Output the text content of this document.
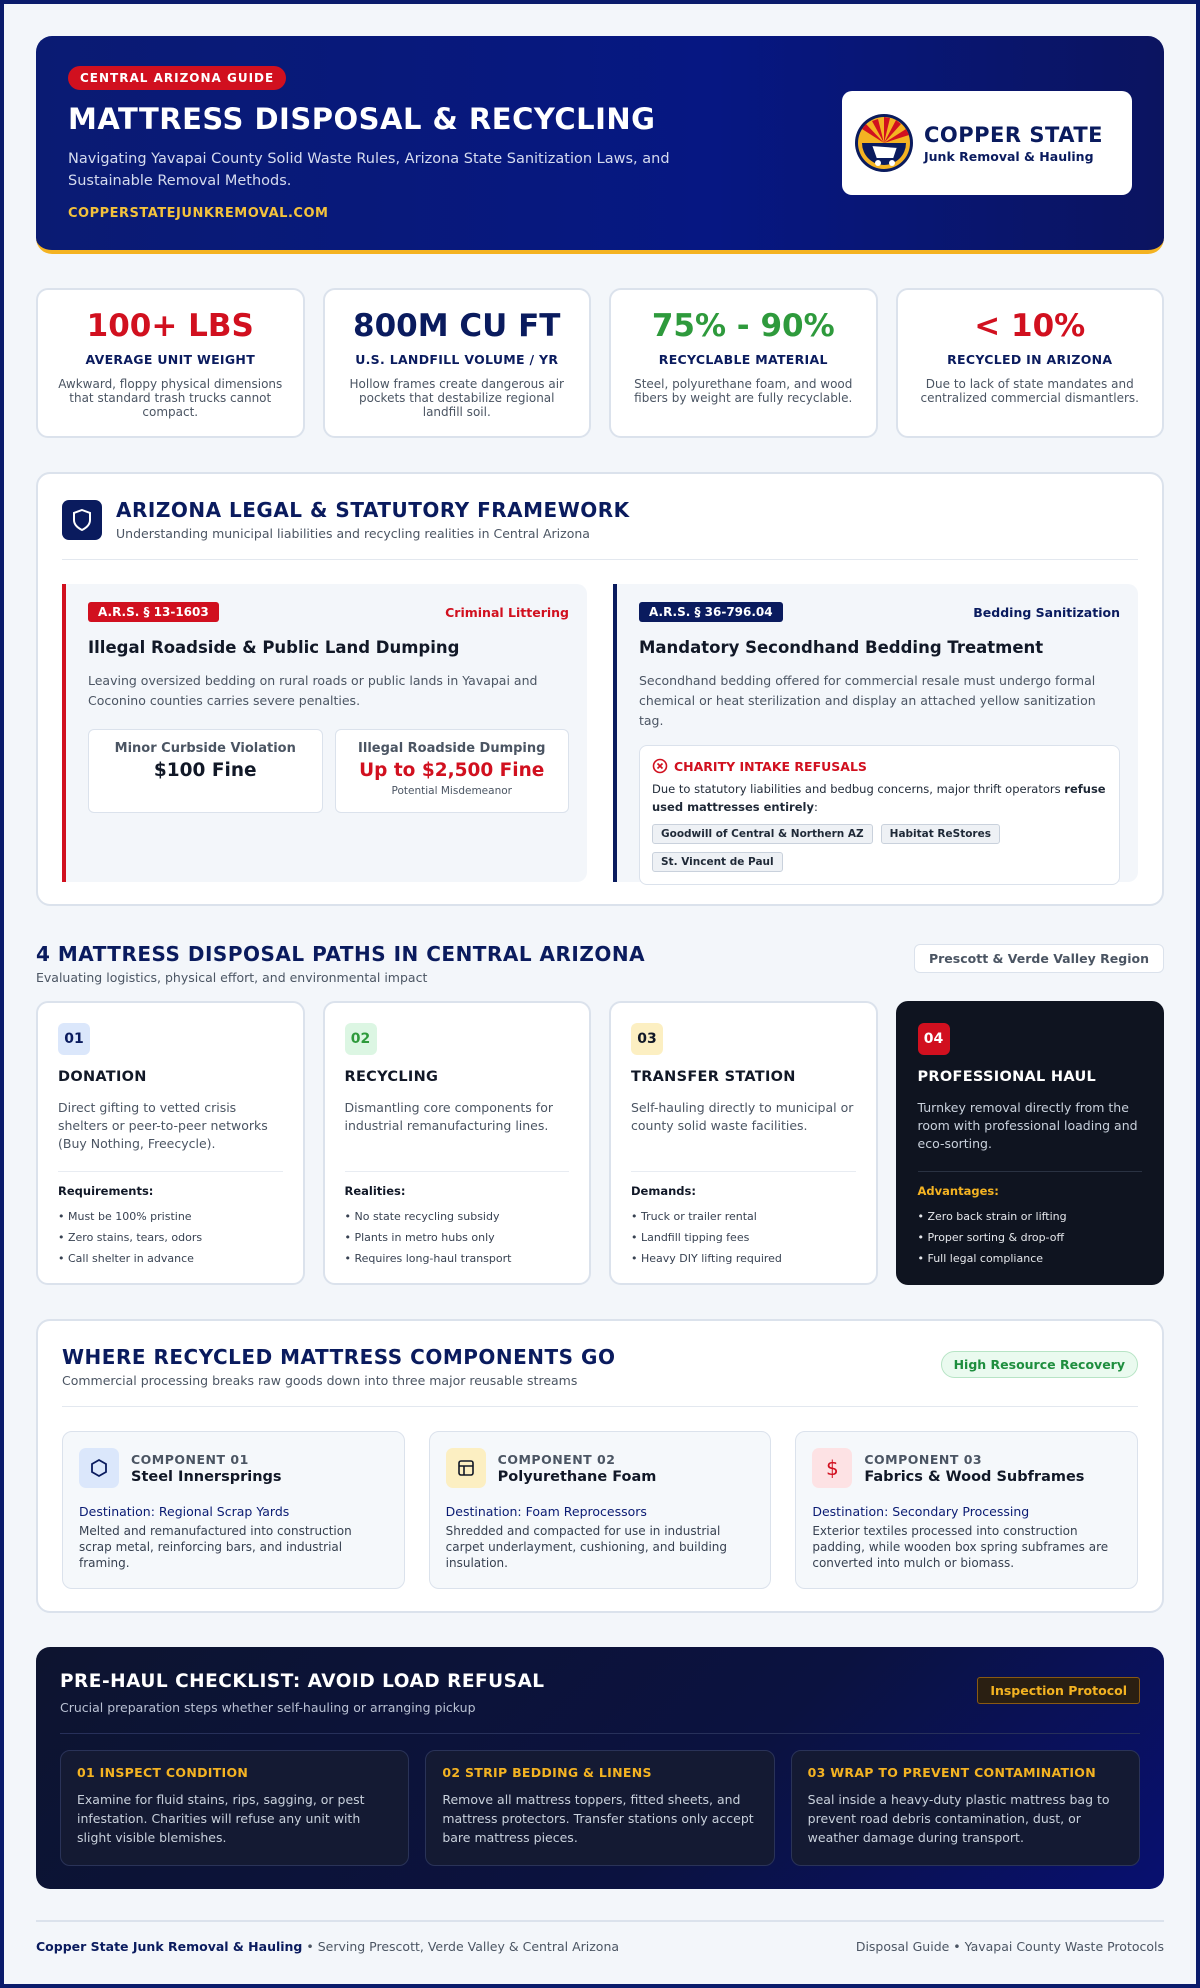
CENTRAL ARIZONA GUIDE
MATTRESS DISPOSAL & RECYCLING

Navigating Yavapai County Solid Waste Rules, Arizona State Sanitization Laws, and Sustainable Removal Methods.

COPPERSTATEJUNKREMOVAL.COM
COPPER STATE
Junk Removal & Hauling
100+ LBS
AVERAGE UNIT WEIGHT
Awkward, floppy physical dimensions that standard trash trucks cannot compact.
800M CU FT
U.S. LANDFILL VOLUME / YR
Hollow frames create dangerous air pockets that destabilize regional landfill soil.
75% - 90%
RECYCLABLE MATERIAL
Steel, polyurethane foam, and wood fibers by weight are fully recyclable.
< 10%
RECYCLED IN ARIZONA
Due to lack of state mandates and centralized commercial dismantlers.
ARIZONA LEGAL & STATUTORY FRAMEWORK
Understanding municipal liabilities and recycling realities in Central Arizona
A.R.S. § 13-1603	Criminal Littering
Illegal Roadside & Public Land Dumping

Leaving oversized bedding on rural roads or public lands in Yavapai and Coconino counties carries severe penalties.

Minor Curbside Violation
$100 Fine
Illegal Roadside Dumping
Up to $2,500 Fine
Potential Misdemeanor
A.R.S. § 36-796.04	Bedding Sanitization
Mandatory Secondhand Bedding Treatment

Secondhand bedding offered for commercial resale must undergo formal chemical or heat sterilization and display an attached yellow sanitization tag.

CHARITY INTAKE REFUSALS
Due to statutory liabilities and bedbug concerns, major thrift operators refuse used mattresses entirely:
Goodwill of Central & Northern AZ	Habitat ReStores
St. Vincent de Paul
4 MATTRESS DISPOSAL PATHS IN CENTRAL ARIZONA
Evaluating logistics, physical effort, and environmental impact
Prescott & Verde Valley Region
01
DONATION
Direct gifting to vetted crisis shelters or peer-to-peer networks (Buy Nothing, Freecycle).
Requirements:
• Must be 100% pristine
• Zero stains, tears, odors
• Call shelter in advance
02
RECYCLING
Dismantling core components for industrial remanufacturing lines.
Realities:
• No state recycling subsidy
• Plants in metro hubs only
• Requires long-haul transport
03
TRANSFER STATION
Self-hauling directly to municipal or county solid waste facilities.
Demands:
• Truck or trailer rental
• Landfill tipping fees
• Heavy DIY lifting required
04
PROFESSIONAL HAUL
Turnkey removal directly from the room with professional loading and eco-sorting.
Advantages:
• Zero back strain or lifting
• Proper sorting & drop-off
• Full legal compliance
WHERE RECYCLED MATTRESS COMPONENTS GO
Commercial processing breaks raw goods down into three major reusable streams
High Resource Recovery
COMPONENT 01
Steel Innersprings
Destination: Regional Scrap Yards
Melted and remanufactured into construction scrap metal, reinforcing bars, and industrial framing.
COMPONENT 02
Polyurethane Foam
Destination: Foam Reprocessors
Shredded and compacted for use in industrial carpet underlayment, cushioning, and building insulation.
$ COMPONENT 03
Fabrics & Wood Subframes
Destination: Secondary Processing
Exterior textiles processed into construction padding, while wooden box spring subframes are converted into mulch or biomass.
PRE-HAUL CHECKLIST: AVOID LOAD REFUSAL
Crucial preparation steps whether self-hauling or arranging pickup
Inspection Protocol
01 INSPECT CONDITION
Examine for fluid stains, rips, sagging, or pest infestation. Charities will refuse any unit with slight visible blemishes.
02 STRIP BEDDING & LINENS
Remove all mattress toppers, fitted sheets, and mattress protectors. Transfer stations only accept bare mattress pieces.
03 WRAP TO PREVENT CONTAMINATION
Seal inside a heavy-duty plastic mattress bag to prevent road debris contamination, dust, or weather damage during transport.
Copper State Junk Removal & Hauling • Serving Prescott, Verde Valley & Central Arizona	Disposal Guide • Yavapai County Waste Protocols
